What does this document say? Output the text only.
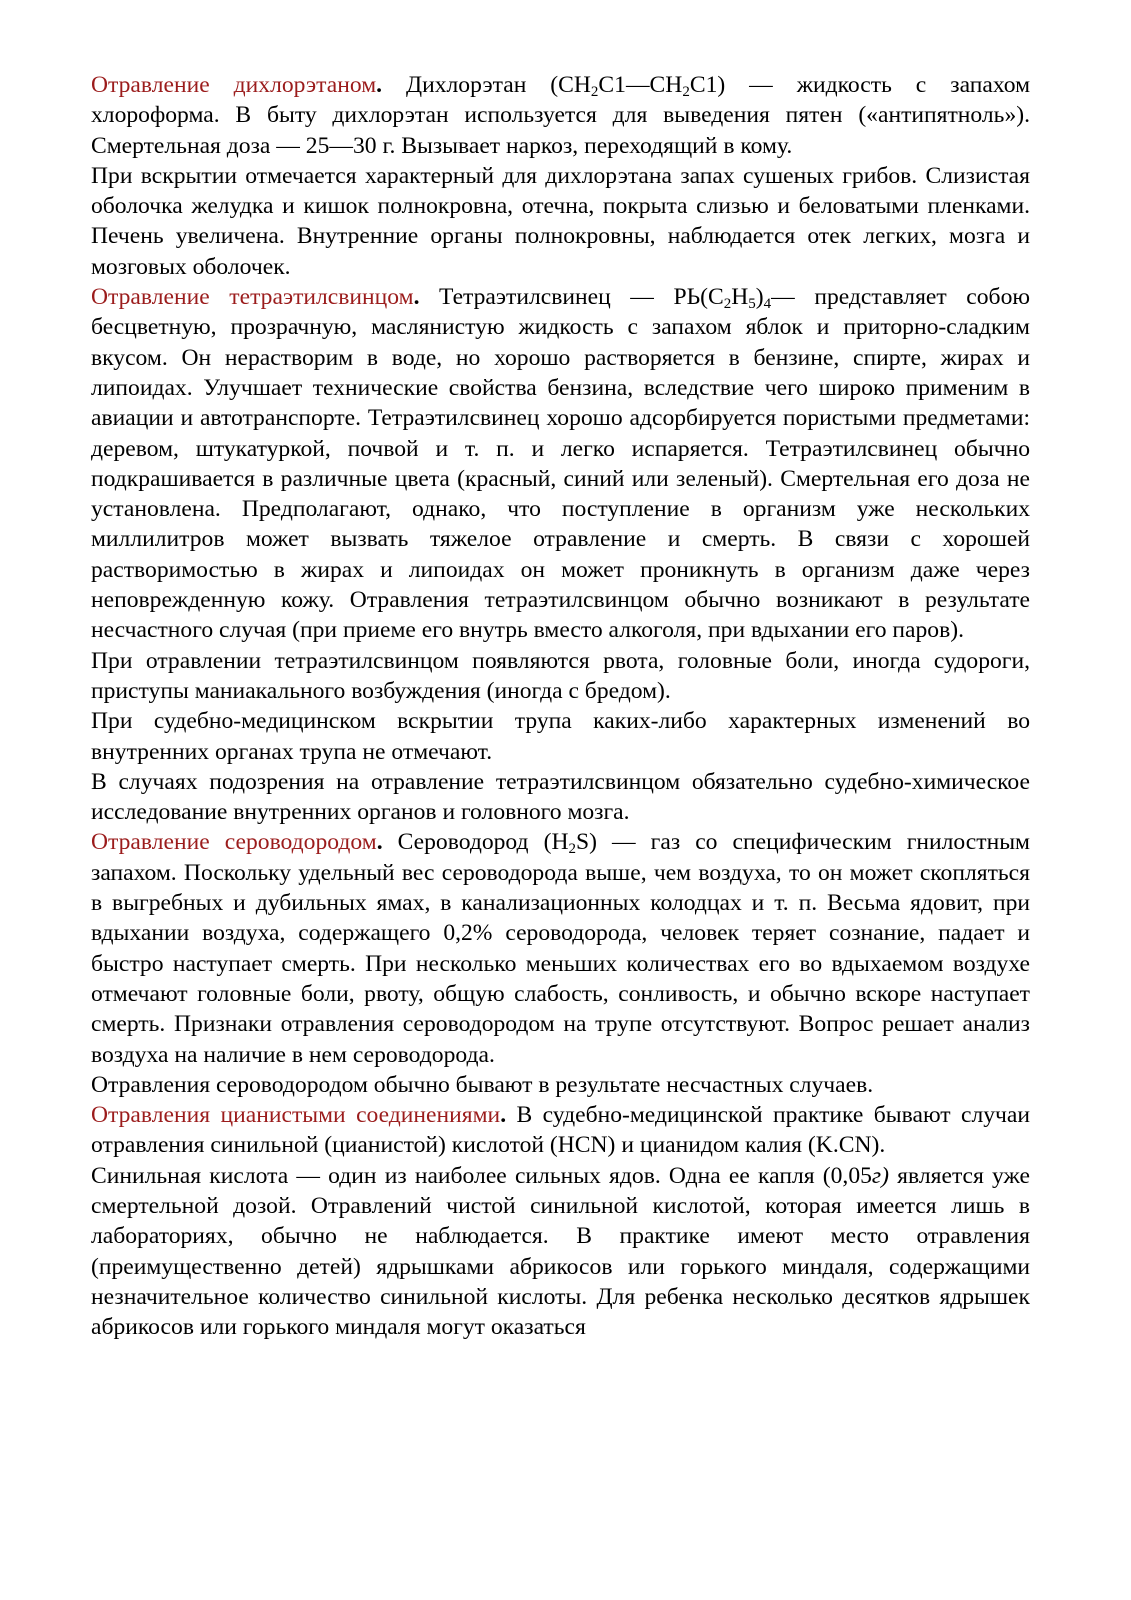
Отравление дихлорэтаном. Дихлорэтан $(СН_2С1—СН_2С1)$ — жидкость с запахом хлороформа. В быту дихлорэтан используется для выведения пятен («антипятноль»). Смертельная доза — 25—30 г. Вызывает наркоз, переходящий в кому.

При вскрытии отмечается характерный для дихлорэтана запах сушеных грибов. Слизистая оболочка желудка и кишок полнокровна, отечна, покрыта слизью и беловатыми пленками. Печень увеличена. Внутренние органы полнокровны, наблюдается отек легких, мозга и мозговых оболочек.

Отравление тетраэтилсвинцом. Тетраэтилсвинец — $РЬ(С_2Н_5)_4—$ представляет собою бесцветную, прозрачную, маслянистую жидкость с запахом яблок и приторно-сладким вкусом. Он нерастворим в воде, но хорошо растворяется в бензине, спирте, жирах и липоидах. Улучшает технические свойства бензина, вследствие чего широко применим в авиации и автотранспорте. Тетраэтилсвинец хорошо адсорбируется пористыми предметами: деревом, штукатуркой, почвой и т. п. и легко испаряется. Тетраэтилсвинец обычно подкрашивается в различные цвета (красный, синий или зеленый). Смертельная его доза не установлена. Предполагают, однако, что поступление в организм уже нескольких миллилитров может вызвать тяжелое отравление и смерть. В связи с хорошей растворимостью в жирах и липоидах он может проникнуть в организм даже через неповрежденную кожу. Отравления тетраэтилсвинцом обычно возникают в результате несчастного случая (при приеме его внутрь вместо алкоголя, при вдыхании его паров).

При отравлении тетраэтилсвинцом появляются рвота, головные боли, иногда судороги, приступы маниакального возбуждения (иногда с бредом).

При судебно-медицинском вскрытии трупа каких-либо характерных изменений во внутренних органах трупа не отмечают.

В случаях подозрения на отравление тетраэтилсвинцом обязательно судебно-химическое исследование внутренних органов и головного мозга.

Отравление сероводородом. Сероводород $(Н_2S)$ — газ со специфическим гнилостным запахом. Поскольку удельный вес сероводорода выше, чем воздуха, то он может скопляться в выгребных и дубильных ямах, в канализационных колодцах и т. п. Весьма ядовит, при вдыхании воздуха, содержащего 0,2% сероводорода, человек теряет сознание, падает и быстро наступает смерть. При несколько меньших количествах его во вдыхаемом воздухе отмечают головные боли, рвоту, общую слабость, сонливость, и обычно вскоре наступает смерть. Признаки отравления сероводородом на трупе отсутствуют. Вопрос решает анализ воздуха на наличие в нем сероводорода.

Отравления сероводородом обычно бывают в результате несчастных случаев.

Отравления цианистыми соединениями. В судебно-медицинской практике бывают случаи отравления синильной (цианистой) кислотой (HCN) и цианидом калия (K.CN).

Синильная кислота — один из наиболее сильных ядов. Одна ее капля (0,05г) является уже смертельной дозой. Отравлений чистой синильной кислотой, которая имеется лишь в лабораториях, обычно не наблюдается. В практике имеют место отравления (преимущественно детей) ядрышками абрикосов или горького миндаля, содержащими незначительное количество синильной кислоты. Для ребенка несколько десятков ядрышек абрикосов или горького миндаля могут оказаться
